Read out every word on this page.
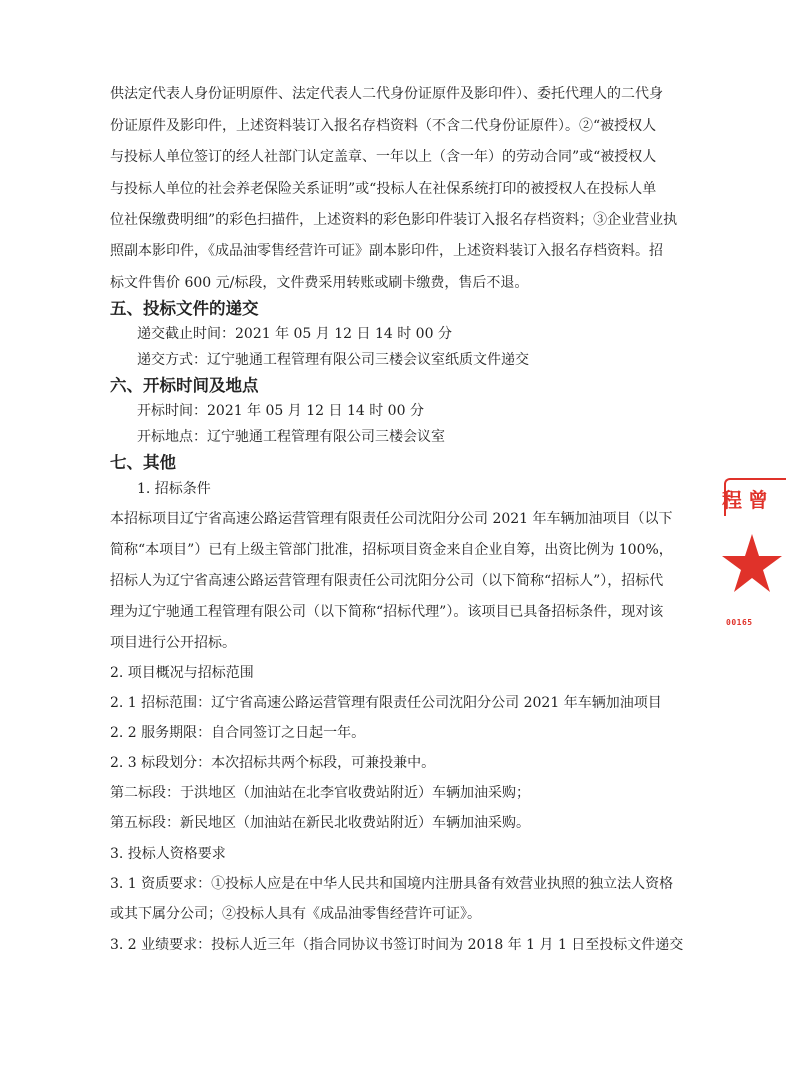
供法定代表人身份证明原件、法定代表人二代身份证原件及影印件）、委托代理人的二代身
份证原件及影印件，上述资料装订入报名存档资料（不含二代身份证原件）。②“被授权人
与投标人单位签订的经人社部门认定盖章、一年以上（含一年）的劳动合同”或“被授权人
与投标人单位的社会养老保险关系证明”或“投标人在社保系统打印的被授权人在投标人单
位社保缴费明细”的彩色扫描件，上述资料的彩色影印件装订入报名存档资料；③企业营业执
照副本影印件，《成品油零售经营许可证》副本影印件，上述资料装订入报名存档资料。招
标文件售价 600 元/标段，文件费采用转账或刷卡缴费，售后不退。
五、投标文件的递交
递交截止时间：2021 年 05 月 12 日 14 时 00 分
递交方式：辽宁驰通工程管理有限公司三楼会议室纸质文件递交
六、开标时间及地点
开标时间：2021 年 05 月 12 日 14 时 00 分
开标地点：辽宁驰通工程管理有限公司三楼会议室
七、其他
1. 招标条件
本招标项目辽宁省高速公路运营管理有限责任公司沈阳分公司 2021 年车辆加油项目（以下
简称“本项目”）已有上级主管部门批准，招标项目资金来自企业自筹，出资比例为 100%，
招标人为辽宁省高速公路运营管理有限责任公司沈阳分公司（以下简称“招标人”），招标代
理为辽宁驰通工程管理有限公司（以下简称“招标代理”）。该项目已具备招标条件，现对该
项目进行公开招标。
2. 项目概况与招标范围
2. 1 招标范围：辽宁省高速公路运营管理有限责任公司沈阳分公司 2021 年车辆加油项目
2. 2 服务期限：自合同签订之日起一年。
2. 3 标段划分：本次招标共两个标段，可兼投兼中。
第二标段：于洪地区（加油站在北李官收费站附近）车辆加油采购；
第五标段：新民地区（加油站在新民北收费站附近）车辆加油采购。
3. 投标人资格要求
3. 1 资质要求：①投标人应是在中华人民共和国境内注册具备有效营业执照的独立法人资格
或其下属分公司；②投标人具有《成品油零售经营许可证》。
3. 2 业绩要求：投标人近三年（指合同协议书签订时间为 2018 年 1 月 1 日至投标文件递交
程曾
00165
